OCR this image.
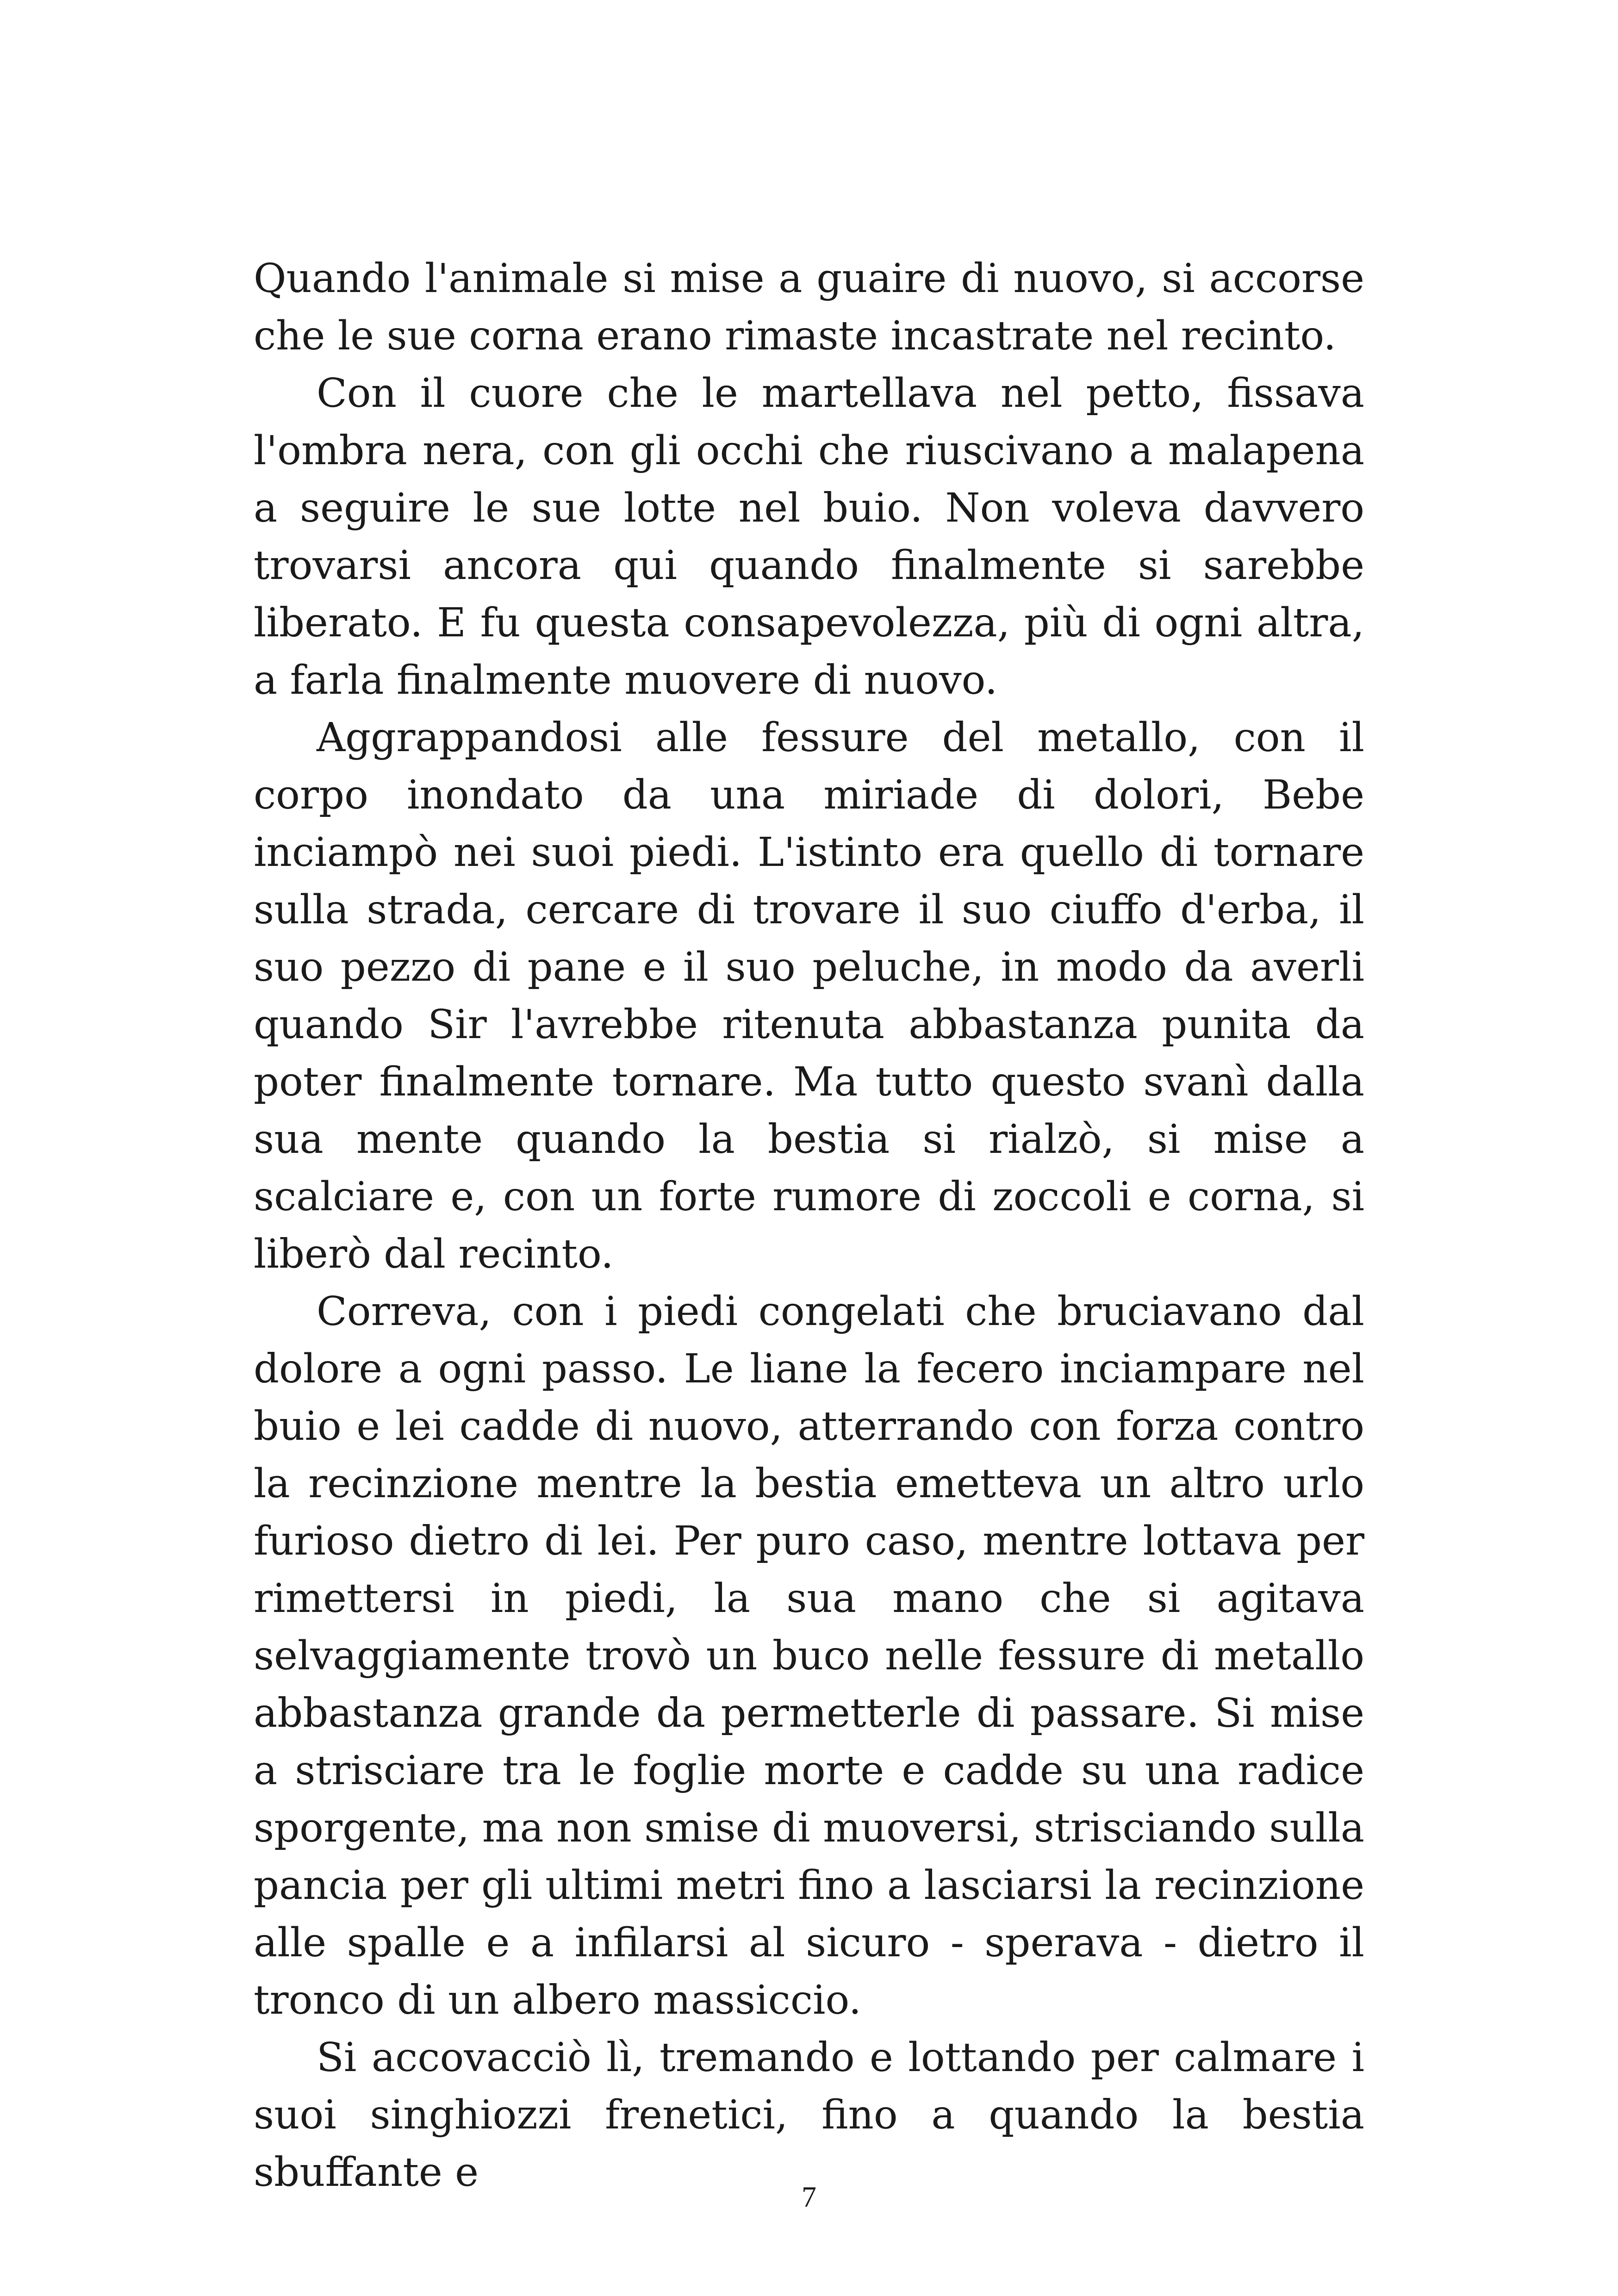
Quando l'animale si mise a guaire di nuovo, si accorse che le sue corna erano rimaste incastrate nel recinto.

Con il cuore che le martellava nel petto, fissava l'ombra nera, con gli occhi che riuscivano a malapena a seguire le sue lotte nel buio. Non voleva davvero trovarsi ancora qui quando finalmente si sarebbe liberato. E fu questa consapevolezza, più di ogni altra, a farla finalmente muovere di nuovo.

Aggrappandosi alle fessure del metallo, con il corpo inondato da una miriade di dolori, Bebe inciampò nei suoi piedi. L'istinto era quello di tornare sulla strada, cercare di trovare il suo ciuffo d'erba, il suo pezzo di pane e il suo peluche, in modo da averli quando Sir l'avrebbe ritenuta abbastanza punita da poter finalmente tornare. Ma tutto questo svanì dalla sua mente quando la bestia si rialzò, si mise a scalciare e, con un forte rumore di zoccoli e corna, si liberò dal recinto.

Correva, con i piedi congelati che bruciavano dal dolore a ogni passo. Le liane la fecero inciampare nel buio e lei cadde di nuovo, atterrando con forza contro la recinzione mentre la bestia emetteva un altro urlo furioso dietro di lei. Per puro caso, mentre lottava per rimettersi in piedi, la sua mano che si agitava selvaggiamente trovò un buco nelle fessure di metallo abbastanza grande da permetterle di passare. Si mise a strisciare tra le foglie morte e cadde su una radice sporgente, ma non smise di muoversi, strisciando sulla pancia per gli ultimi metri fino a lasciarsi la recinzione alle spalle e a infilarsi al sicuro - sperava - dietro il tronco di un albero massiccio.

Si accovacciò lì, tremando e lottando per calmare i suoi singhiozzi frenetici, fino a quando la bestia sbuffante e

7
